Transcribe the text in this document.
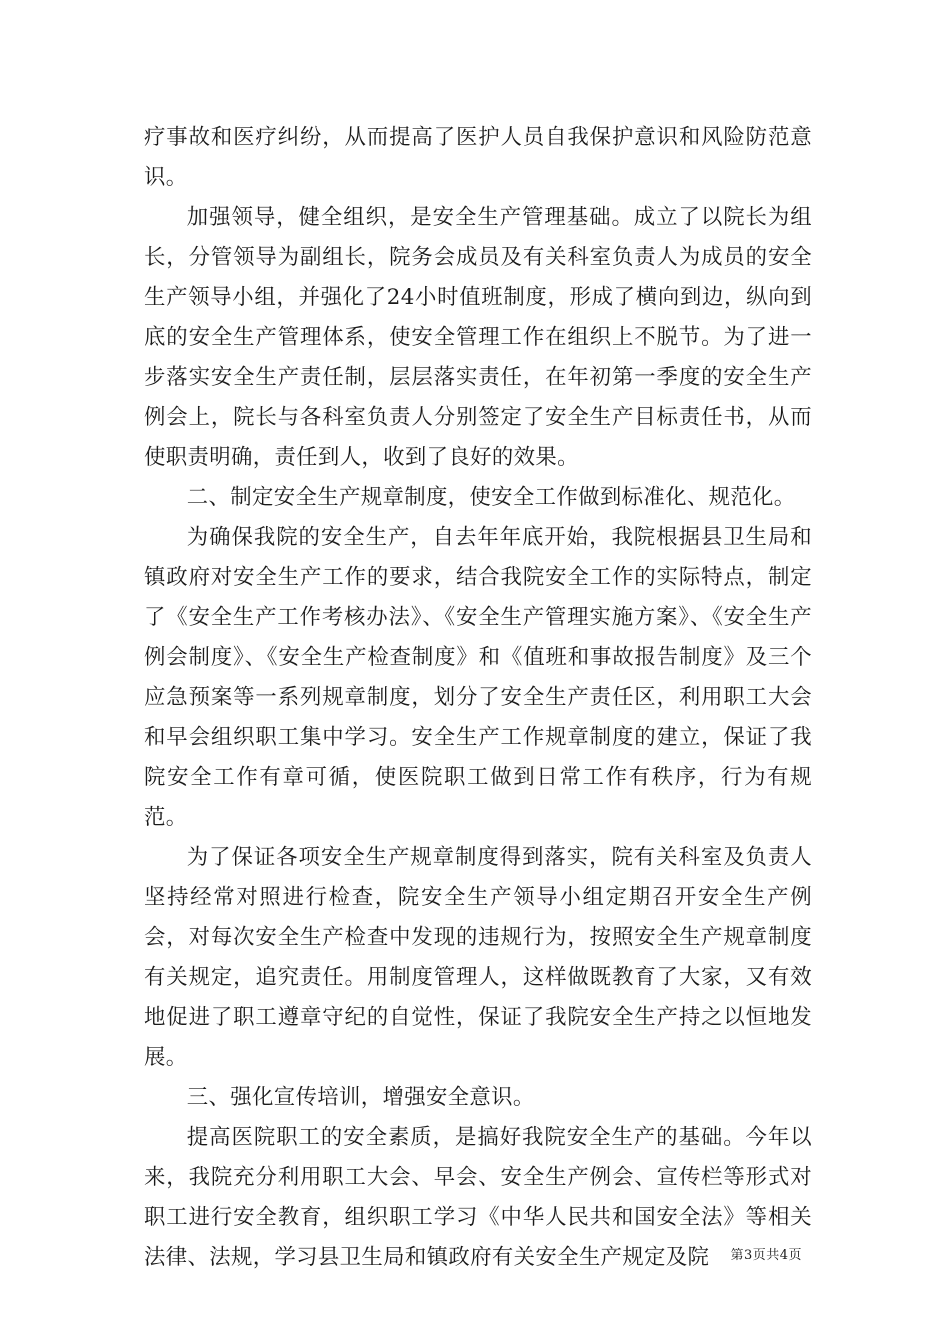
疗事故和医疗纠纷，从而提高了医护人员自我保护意识和风险防范意识。

加强领导，健全组织，是安全生产管理基础。成立了以院长为组长，分管领导为副组长，院务会成员及有关科室负责人为成员的安全生产领导小组，并强化了24小时值班制度，形成了横向到边，纵向到底的安全生产管理体系，使安全管理工作在组织上不脱节。为了进一步落实安全生产责任制，层层落实责任，在年初第一季度的安全生产例会上，院长与各科室负责人分别签定了安全生产目标责任书，从而使职责明确，责任到人，收到了良好的效果。

二、制定安全生产规章制度，使安全工作做到标准化、规范化。

为确保我院的安全生产，自去年年底开始，我院根据县卫生局和镇政府对安全生产工作的要求，结合我院安全工作的实际特点，制定了《安全生产工作考核办法》、《安全生产管理实施方案》、《安全生产例会制度》、《安全生产检查制度》和《值班和事故报告制度》及三个应急预案等一系列规章制度，划分了安全生产责任区，利用职工大会和早会组织职工集中学习。安全生产工作规章制度的建立，保证了我院安全工作有章可循，使医院职工做到日常工作有秩序，行为有规范。

为了保证各项安全生产规章制度得到落实，院有关科室及负责人坚持经常对照进行检查，院安全生产领导小组定期召开安全生产例会，对每次安全生产检查中发现的违规行为，按照安全生产规章制度有关规定，追究责任。用制度管理人，这样做既教育了大家，又有效地促进了职工遵章守纪的自觉性，保证了我院安全生产持之以恒地发展。

三、强化宣传培训，增强安全意识。

提高医院职工的安全素质，是搞好我院安全生产的基础。今年以来，我院充分利用职工大会、早会、安全生产例会、宣传栏等形式对职工进行安全教育，组织职工学习《中华人民共和国安全法》等相关法律、法规，学习县卫生局和镇政府有关安全生产规定及院	第3页共4页
